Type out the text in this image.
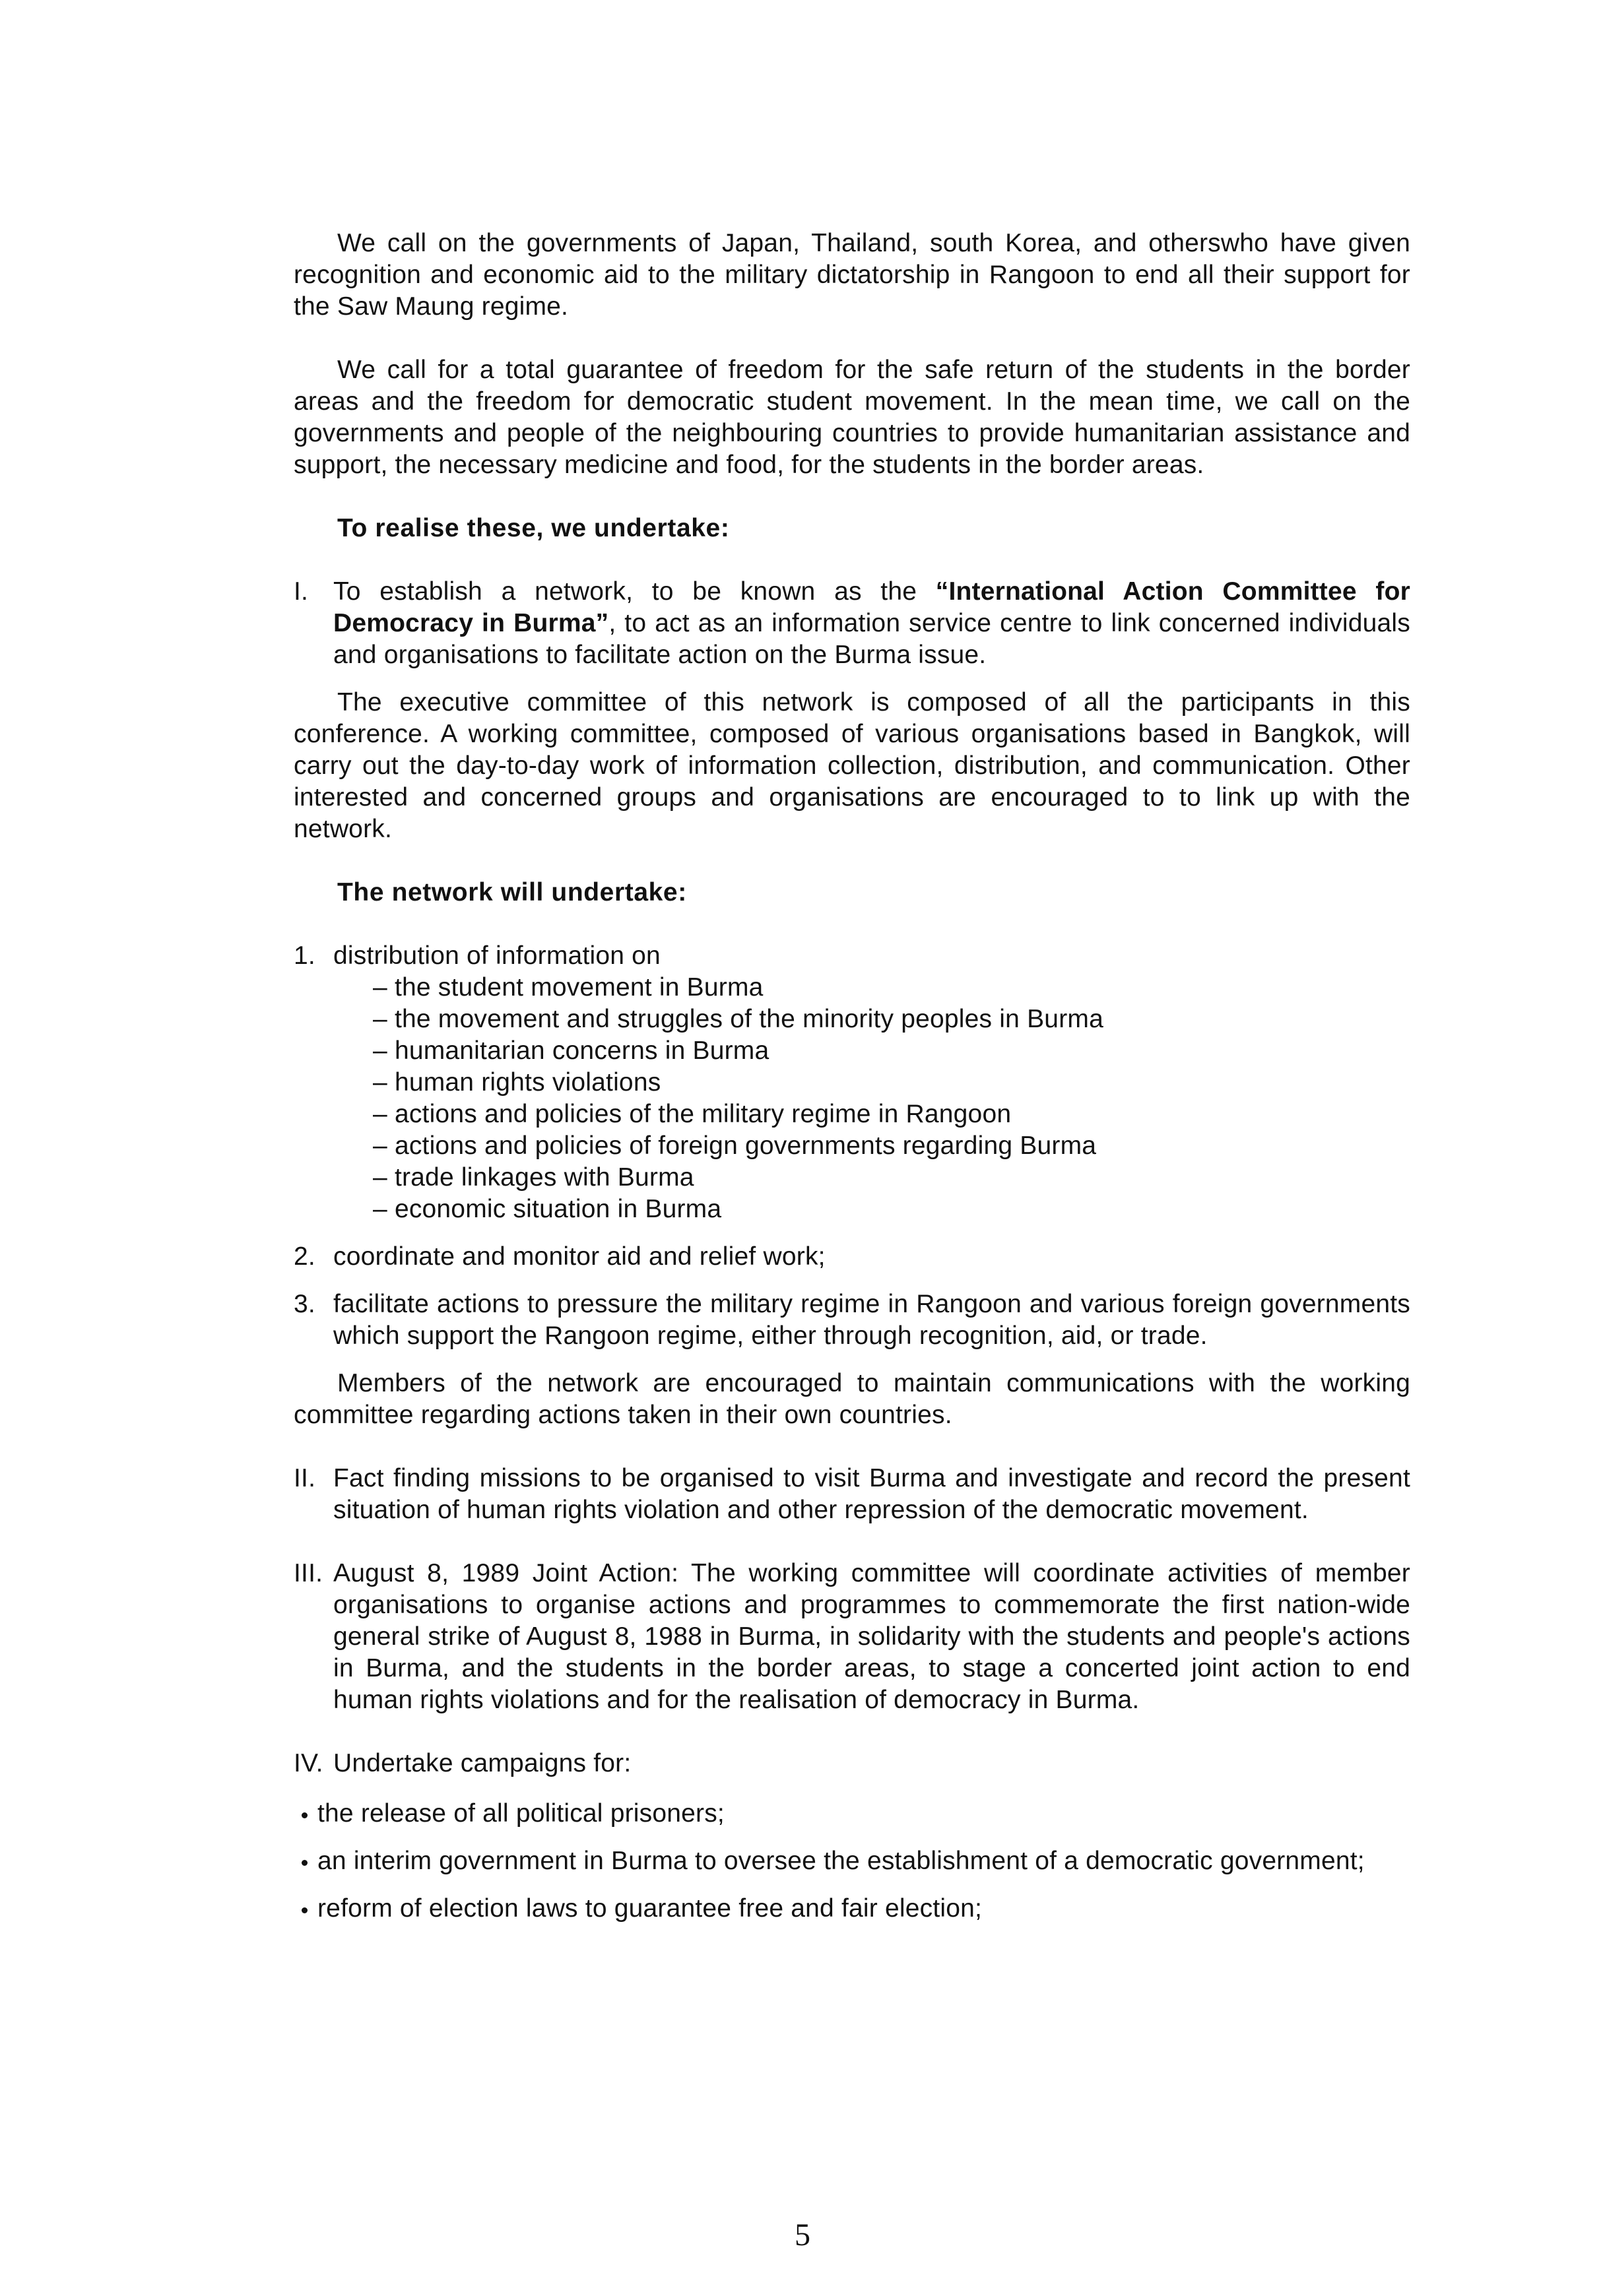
We call on the governments of Japan, Thailand, south Korea, and otherswho have given recognition and economic aid to the military dictatorship in Rangoon to end all their support for the Saw Maung regime.

We call for a total guarantee of freedom for the safe return of the students in the border areas and the freedom for democratic student movement. In the mean time, we call on the governments and people of the neighbouring countries to provide humanitarian assistance and support, the necessary medicine and food, for the students in the border areas.

To realise these, we undertake:

I. To establish a network, to be known as the “International Action Committee for Democracy in Burma”, to act as an information service centre to link concerned individuals and organisations to facilitate action on the Burma issue.

The executive committee of this network is composed of all the participants in this conference. A working committee, composed of various organisations based in Bangkok, will carry out the day-to-day work of information collection, distribution, and communication. Other interested and concerned groups and organisations are encouraged to to link up with the network.

The network will undertake:

1. distribution of information on

– the student movement in Burma
– the movement and struggles of the minority peoples in Burma
– humanitarian concerns in Burma
– human rights violations
– actions and policies of the military regime in Rangoon
– actions and policies of foreign governments regarding Burma
– trade linkages with Burma
– economic situation in Burma
2. coordinate and monitor aid and relief work;

3. facilitate actions to pressure the military regime in Rangoon and various foreign governments which support the Rangoon regime, either through recognition, aid, or trade.

Members of the network are encouraged to maintain communications with the working committee regarding actions taken in their own countries.

II. Fact finding missions to be organised to visit Burma and investigate and record the present situation of human rights violation and other repression of the democratic movement.

III. August 8, 1989 Joint Action: The working committee will coordinate activities of member organisations to organise actions and programmes to commemorate the first nation-wide general strike of August 8, 1988 in Burma, in solidarity with the students and people's actions in Burma, and the students in the border areas, to stage a concerted joint action to end human rights violations and for the realisation of democracy in Burma.

IV. Undertake campaigns for:

the release of all political prisoners;
an interim government in Burma to oversee the establishment of a democratic government;
reform of election laws to guarantee free and fair election;
5
